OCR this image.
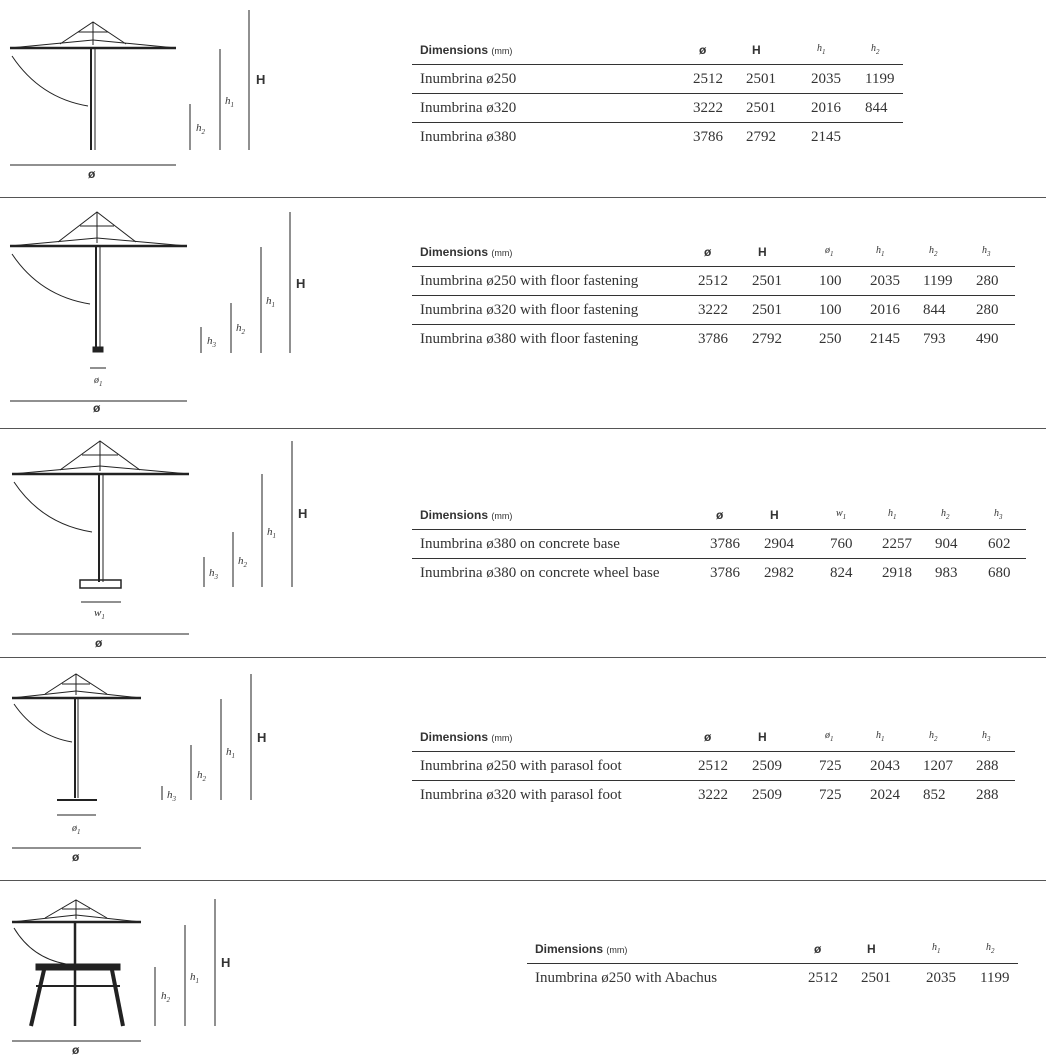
ø
H
$h_1$
$h_2$
ø
$ø_1$
H
$h_1$
$h_2$
$h_3$
ø
$w_1$
H
$h_1$
$h_2$
$h_3$
ø
$ø_1$
H
$h_1$
$h_2$
$h_3$
ø
H
$h_1$
$h_2$
Dimensions (mm)	ø	H	$h_1$	$h_2$
Inumbrina ø250	2512 2501 2035 1199
Inumbrina ø320	3222 2501 2016 844
Inumbrina ø380	3786 2792 2145
Dimensions (mm)	ø	H	$ø_1$	$h_1$	$h_2$	$h_3$
Inumbrina ø250 with floor fastening	2512 2501 100 2035 1199 280
Inumbrina ø320 with floor fastening	3222 2501 100 2016 844 280
Inumbrina ø380 with floor fastening	3786 2792 250 2145 793 490
Dimensions (mm)	ø	H	$w_1$	$h_1$	$h_2$	$h_3$
Inumbrina ø380 on concrete base	3786 2904 760 2257 904 602
Inumbrina ø380 on concrete wheel base	3786 2982 824 2918 983 680
Dimensions (mm)	ø	H	$ø_1$	$h_1$	$h_2$	$h_3$
Inumbrina ø250 with parasol foot	2512 2509 725 2043 1207 288
Inumbrina ø320 with parasol foot	3222 2509 725 2024 852 288
Dimensions (mm)	ø	H	$h_1$	$h_2$
Inumbrina ø250 with Abachus	2512 2501 2035 1199
